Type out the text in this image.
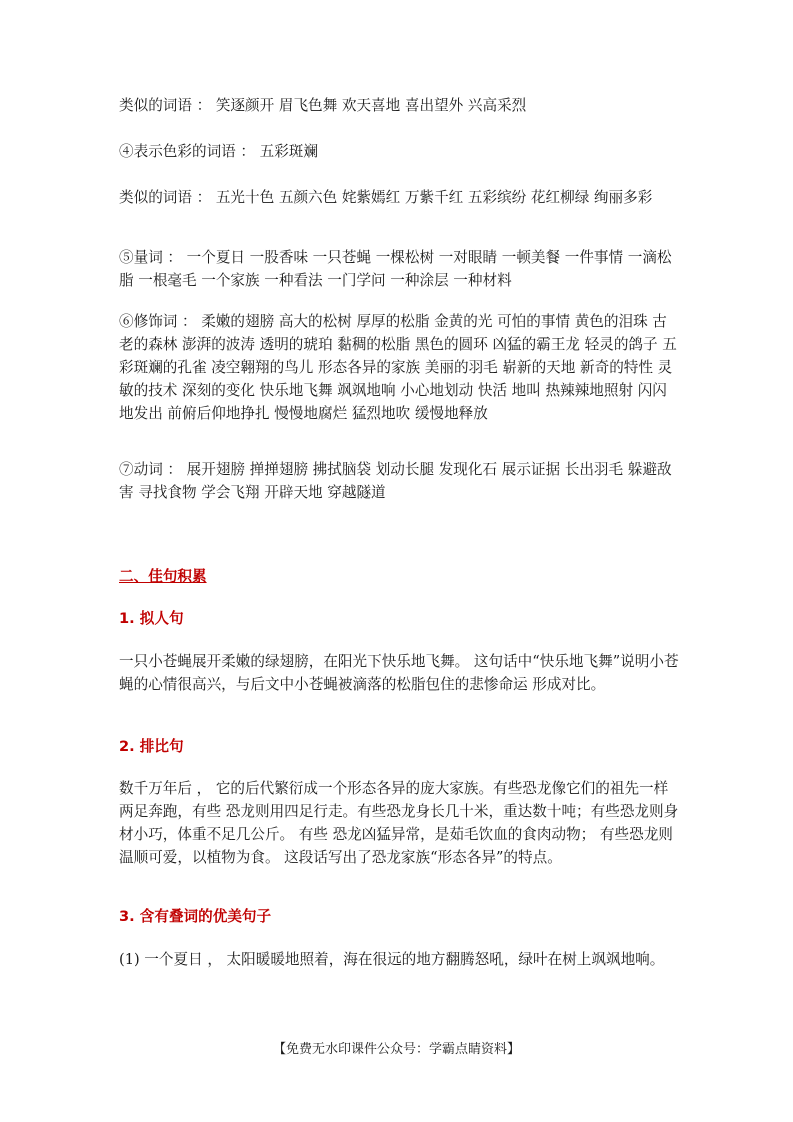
类似的词语 ： 笑逐颜开 眉飞色舞 欢天喜地 喜出望外 兴高采烈

④表示色彩的词语 ： 五彩斑斓

类似的词语 ： 五光十色 五颜六色 姹紫嫣红 万紫千红 五彩缤纷 花红柳绿 绚丽多彩

⑤量词 ： 一个夏日 一股香味 一只苍蝇 一棵松树 一对眼睛 一顿美餐 一件事情 一滴松脂 一根毫毛 一个家族 一种看法 一门学问 一种涂层 一种材料

⑥修饰词 ： 柔嫩的翅膀 高大的松树 厚厚的松脂 金黄的光 可怕的事情 黄色的泪珠 古老的森林 澎湃的波涛 透明的琥珀 黏稠的松脂 黑色的圆环 凶猛的霸王龙 轻灵的鸽子 五彩斑斓的孔雀 凌空翱翔的鸟儿 形态各异的家族 美丽的羽毛 崭新的天地 新奇的特性 灵敏的技术 深刻的变化 快乐地飞舞 飒飒地响 小心地划动 快活 地叫 热辣辣地照射 闪闪地发出 前俯后仰地挣扎 慢慢地腐烂 猛烈地吹 缓慢地释放

⑦动词 ： 展开翅膀 掸掸翅膀 拂拭脑袋 划动长腿 发现化石 展示证据 长出羽毛 躲避敌害 寻找食物 学会飞翔 开辟天地 穿越隧道

二、佳句积累
1. 拟人句

一只小苍蝇展开柔嫩的绿翅膀，在阳光下快乐地飞舞。 这句话中“快乐地飞舞”说明小苍蝇的心情很高兴，与后文中小苍蝇被滴落的松脂包住的悲惨命运 形成对比。

2. 排比句

数千万年后 ， 它的后代繁衍成一个形态各异的庞大家族。有些恐龙像它们的祖先一样两足奔跑，有些 恐龙则用四足行走。有些恐龙身长几十米，重达数十吨；有些恐龙则身材小巧，体重不足几公斤。 有些 恐龙凶猛异常，是茹毛饮血的食肉动物； 有些恐龙则温顺可爱，以植物为食。 这段话写出了恐龙家族“形态各异”的特点。

3. 含有叠词的优美句子

(1) 一个夏日 ， 太阳暖暖地照着，海在很远的地方翻腾怒吼，绿叶在树上飒飒地响。

【免费无水印课件公众号：学霸点睛资料】
